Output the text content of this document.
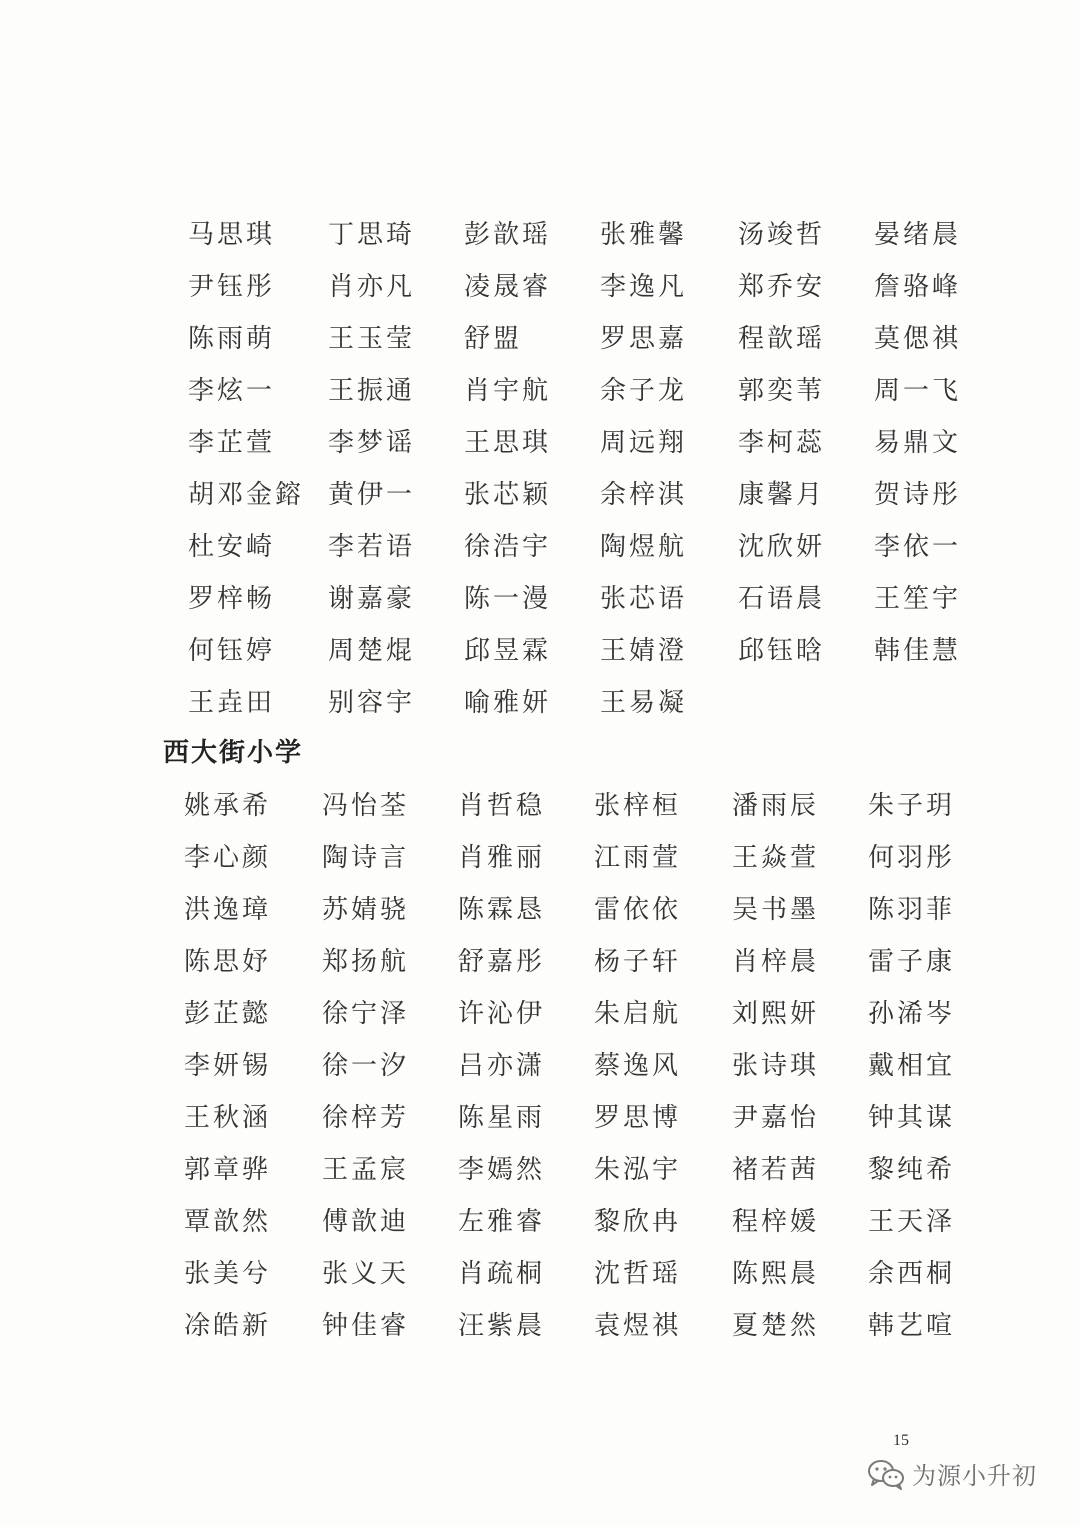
马思琪 丁思琦 彭歆瑶 张雅馨 汤竣哲 晏绪晨
尹钰彤 肖亦凡 凌晟睿 李逸凡 郑乔安 詹骆峰
陈雨萌 王玉莹 舒盟	罗思嘉 程歆瑶 莫偲祺
李炫一 王振通 肖宇航 余子龙 郭奕苇 周一飞
李芷萱 李梦谣 王思琪 周远翔 李柯蕊 易鼎文
胡邓金鎔 黄伊一 张芯颖 余梓淇 康馨月 贺诗彤
杜安崎 李若语 徐浩宇 陶煜航 沈欣妍 李依一
罗梓畅 谢嘉豪 陈一漫 张芯语 石语晨 王笙宇
何钰婷 周楚焜 邱昱霖 王婧澄 邱钰晗 韩佳慧
王垚田 别容宇 喻雅妍 王易凝
西大街小学
姚承希 冯怡荃 肖哲稳 张梓桓 潘雨辰 朱子玥
李心颜 陶诗言 肖雅丽 江雨萱 王焱萱 何羽彤
洪逸璋 苏婧骁 陈霖恳 雷依依 吴书墨 陈羽菲
陈思妤 郑扬航 舒嘉彤 杨子轩 肖梓晨 雷子康
彭芷懿 徐宁泽 许沁伊 朱启航 刘熙妍 孙浠岑
李妍锡 徐一汐 吕亦潇 蔡逸风 张诗琪 戴相宜
王秋涵 徐梓芳 陈星雨 罗思博 尹嘉怡 钟其谋
郭章骅 王孟宸 李嫣然 朱泓宇 褚若茜 黎纯希
覃歆然 傅歆迪 左雅睿 黎欣冉 程梓媛 王天泽
张美兮 张义天 肖疏桐 沈哲瑶 陈熙晨 余西桐
凃皓新 钟佳睿 汪紫晨 袁煜祺 夏楚然 韩艺喧
15
为源小升初
